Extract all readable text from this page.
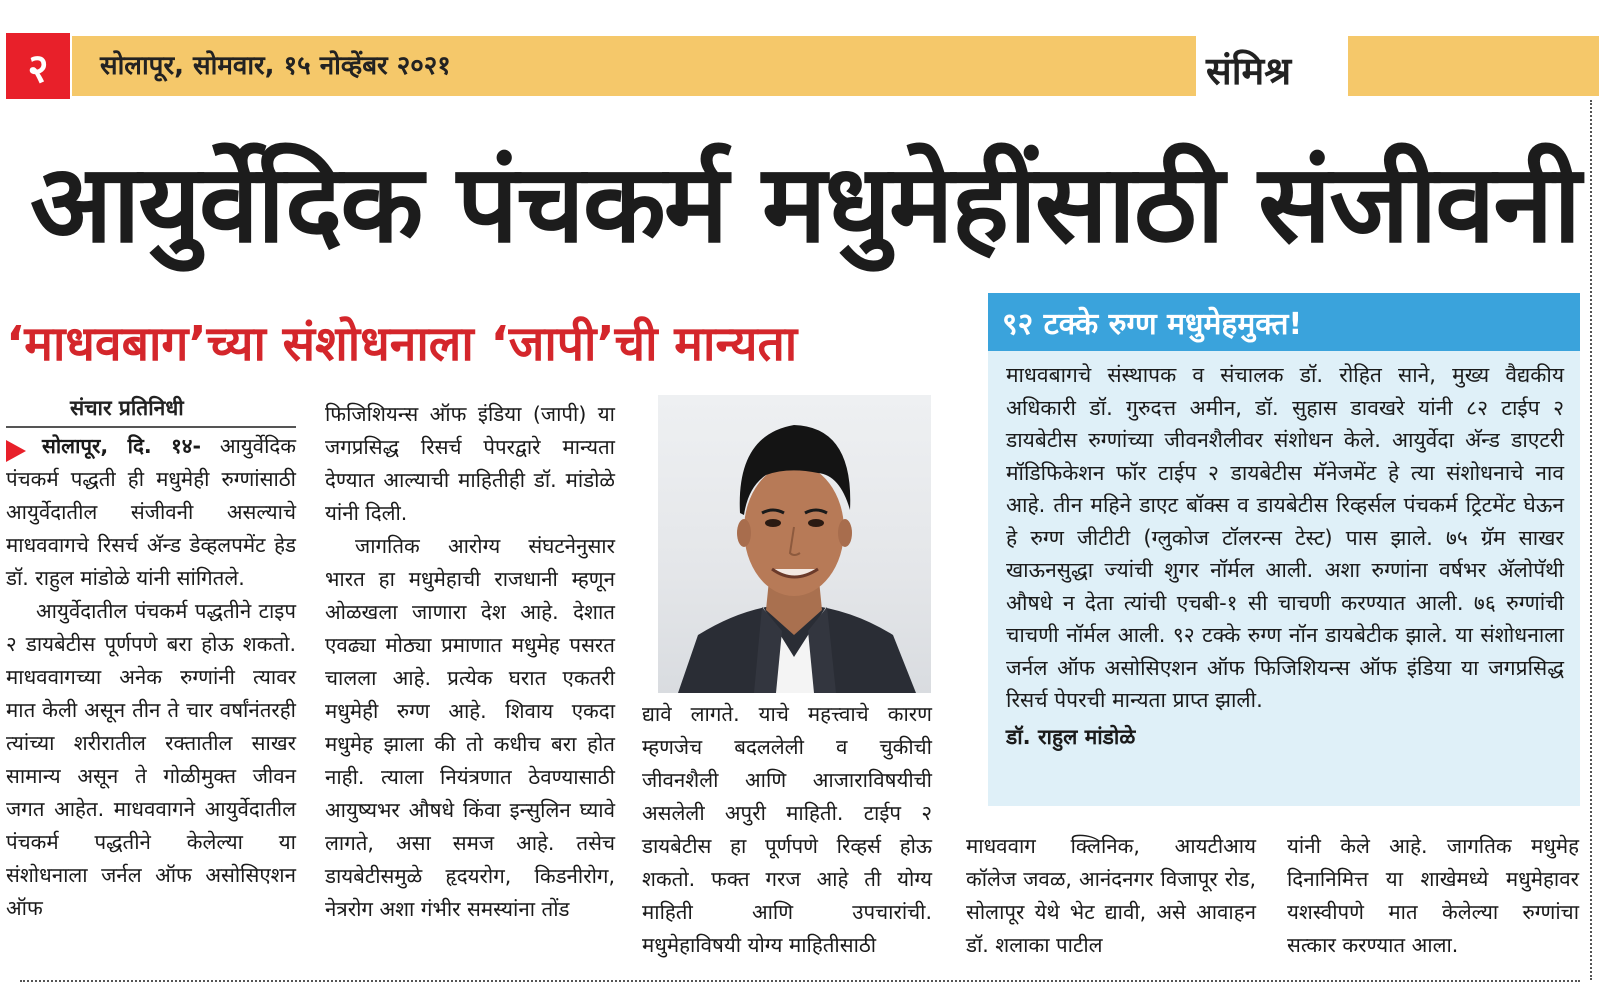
२	सोलापूर, सोमवार, १५ नोव्हेंबर २०२१	संमिश्र
आयुर्वेदिक पंचकर्म मधुमेहींसाठी संजीवनी
‘माधवबाग’च्या संशोधनाला ‘जापी’ची मान्यता	९२ टक्के रुग्ण मधुमेहमुक्त!
माधवबागचे संस्थापक व संचालक डॉ. रोहित साने, मुख्य वैद्यकीय अधिकारी डॉ. गुरुदत्त अमीन, डॉ. सुहास डावखरे यांनी ८२ टाईप २ डायबेटीस रुग्णांच्या जीवनशैलीवर संशोधन केले. आयुर्वेदा अ‍ॅन्ड डाएटरी मॉडिफिकेशन फॉर टाईप २ डायबेटीस मॅनेजमेंट हे त्या संशोधनाचे नाव आहे. तीन महिने डाएट बॉक्स व डायबेटीस रिव्हर्सल पंचकर्म ट्रिटमेंट घेऊन हे रुग्ण जीटीटी (ग्लुकोज टॉलरन्स टेस्ट) पास झाले. ७५ ग्रॅम साखर खाऊनसुद्धा ज्यांची शुगर नॉर्मल आली. अशा रुग्णांना वर्षभर अ‍ॅलोपॅथी औषधे न देता त्यांची एचबी-१ सी चाचणी करण्यात आली. ७६ रुग्णांची चाचणी नॉर्मल आली. ९२ टक्के रुग्ण नॉन डायबेटीक झाले. या संशोधनाला जर्नल ऑफ असोसिएशन ऑफ फिजिशियन्स ऑफ इंडिया या जगप्रसिद्ध रिसर्च पेपरची मान्यता प्राप्त झाली.
डॉ. राहुल मांडोळे
संचार प्रतिनिधी

सोलापूर, दि. १४- आयुर्वेदिक पंचकर्म पद्धती ही मधुमेही रुग्णांसाठी आयुर्वेदातील संजीवनी असल्याचे माधववागचे रिसर्च अ‍ॅन्ड डेव्हलपमेंट हेड डॉ. राहुल मांडोळे यांनी सांगितले.

आयुर्वेदातील पंचकर्म पद्धतीने टाइप २ डायबेटीस पूर्णपणे बरा होऊ शकतो. माधववागच्या अनेक रुग्णांनी त्यावर मात केली असून तीन ते चार वर्षांनंतरही त्यांच्या शरीरातील रक्तातील साखर सामान्य असून ते गोळीमुक्त जीवन जगत आहेत. माधववागने आयुर्वेदातील पंचकर्म पद्धतीने केलेल्या या संशोधनाला जर्नल ऑफ असोसिएशन ऑफ

फिजिशियन्स ऑफ इंडिया (जापी) या जगप्रसिद्ध रिसर्च पेपरद्वारे मान्यता देण्यात आल्याची माहितीही डॉ. मांडोळे यांनी दिली.

जागतिक आरोग्य संघटनेनुसार भारत हा मधुमेहाची राजधानी म्हणून ओळखला जाणारा देश आहे. देशात एवढ्या मोठ्या प्रमाणात मधुमेह पसरत चालला आहे. प्रत्येक घरात एकतरी मधुमेही रुग्ण आहे. शिवाय एकदा मधुमेह झाला की तो कधीच बरा होत नाही. त्याला नियंत्रणात ठेवण्यासाठी आयुष्यभर औषधे किंवा इन्सुलिन घ्यावे लागते, असा समज आहे. तसेच डायबेटीसमुळे हृदयरोग, किडनीरोग, नेत्ररोग अशा गंभीर समस्यांना तोंड

द्यावे लागते. याचे महत्त्वाचे कारण म्हणजेच बदललेली व चुकीची जीवनशैली आणि आजाराविषयीची असलेली अपुरी माहिती. टाईप २ डायबेटीस हा पूर्णपणे रिव्हर्स होऊ शकतो. फक्त गरज आहे ती योग्य माहिती आणि उपचारांची. मधुमेहाविषयी योग्य माहितीसाठी

माधववाग क्लिनिक, आयटीआय कॉलेज जवळ, आनंदनगर विजापूर रोड, सोलापूर येथे भेट द्यावी, असे आवाहन डॉ. शलाका पाटील

यांनी केले आहे. जागतिक मधुमेह दिनानिमित्त या शाखेमध्ये मधुमेहावर यशस्वीपणे मात केलेल्या रुग्णांचा सत्कार करण्यात आला.
